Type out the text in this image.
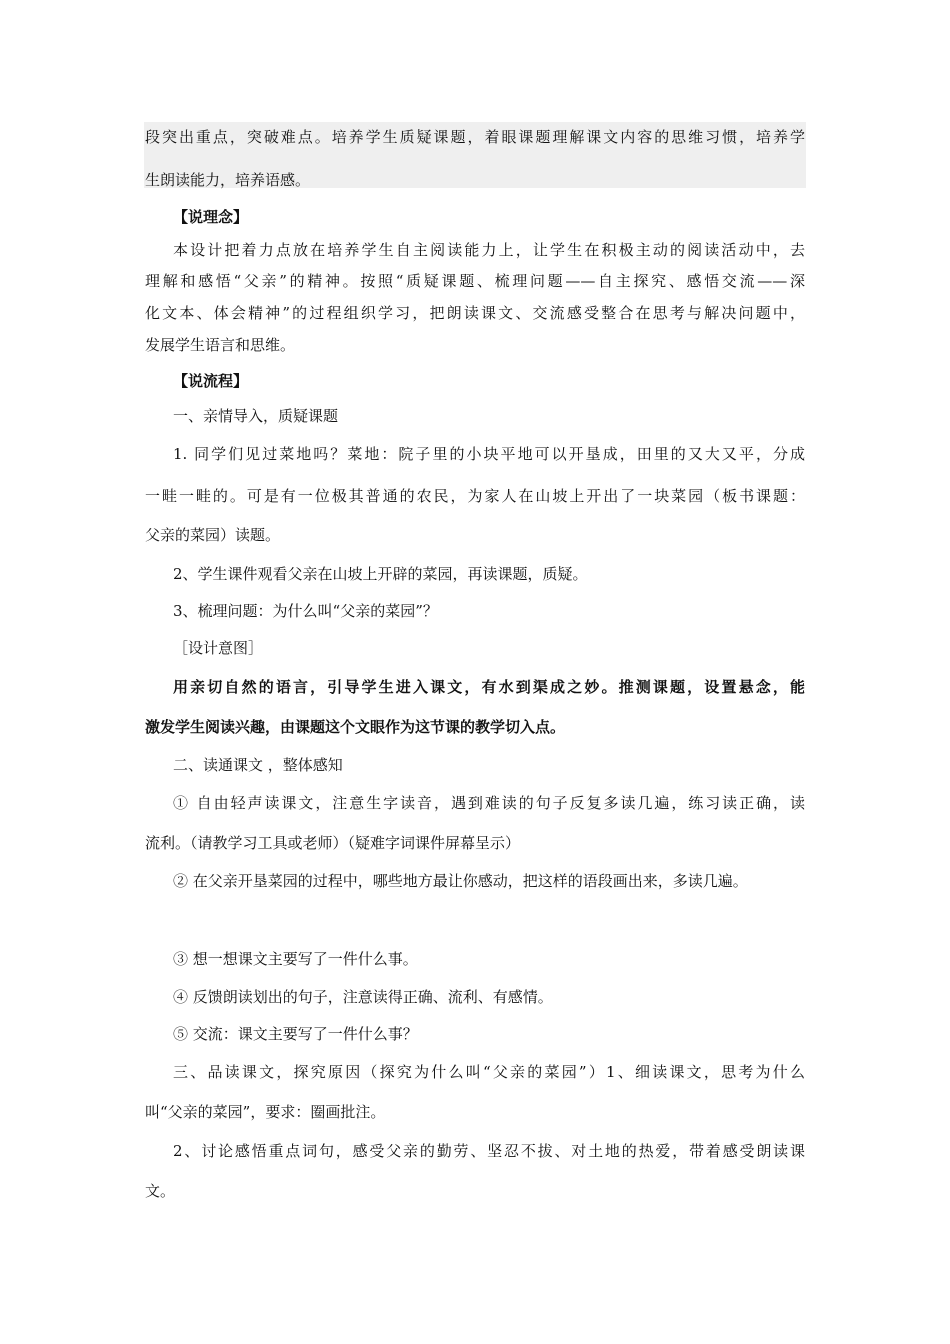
段突出重点，突破难点。培养学生质疑课题，着眼课题理解课文内容的思维习惯，培养学
生朗读能力，培养语感。
【说理念】
本设计把着力点放在培养学生自主阅读能力上，让学生在积极主动的阅读活动中，去
理解和感悟“父亲”的精神。按照“质疑课题、梳理问题——自主探究、感悟交流——深
化文本、体会精神”的过程组织学习，把朗读课文、交流感受整合在思考与解决问题中，
发展学生语言和思维。
【说流程】
一、亲情导入，质疑课题
1. 同学们见过菜地吗？菜地：院子里的小块平地可以开垦成，田里的又大又平，分成
一畦一畦的。可是有一位极其普通的农民，为家人在山坡上开出了一块菜园（板书课题：
父亲的菜园）读题。
2、学生课件观看父亲在山坡上开辟的菜园，再读课题，质疑。
3、梳理问题：为什么叫“父亲的菜园”？
［设计意图］
用亲切自然的语言，引导学生进入课文，有水到渠成之妙。推测课题，设置悬念，能
激发学生阅读兴趣，由课题这个文眼作为这节课的教学切入点。
二、读通课文 ，整体感知
① 自由轻声读课文，注意生字读音，遇到难读的句子反复多读几遍，练习读正确，读
流利。（请教学习工具或老师）（疑难字词课件屏幕呈示）
② 在父亲开垦菜园的过程中，哪些地方最让你感动，把这样的语段画出来，多读几遍。
③ 想一想课文主要写了一件什么事。
④ 反馈朗读划出的句子，注意读得正确、流利、有感情。
⑤ 交流：课文主要写了一件什么事？
三、品读课文，探究原因（探究为什么叫“父亲的菜园”）1、细读课文，思考为什么
叫“父亲的菜园”，要求：圈画批注。
2、讨论感悟重点词句，感受父亲的勤劳、坚忍不拔、对土地的热爱，带着感受朗读课
文。
